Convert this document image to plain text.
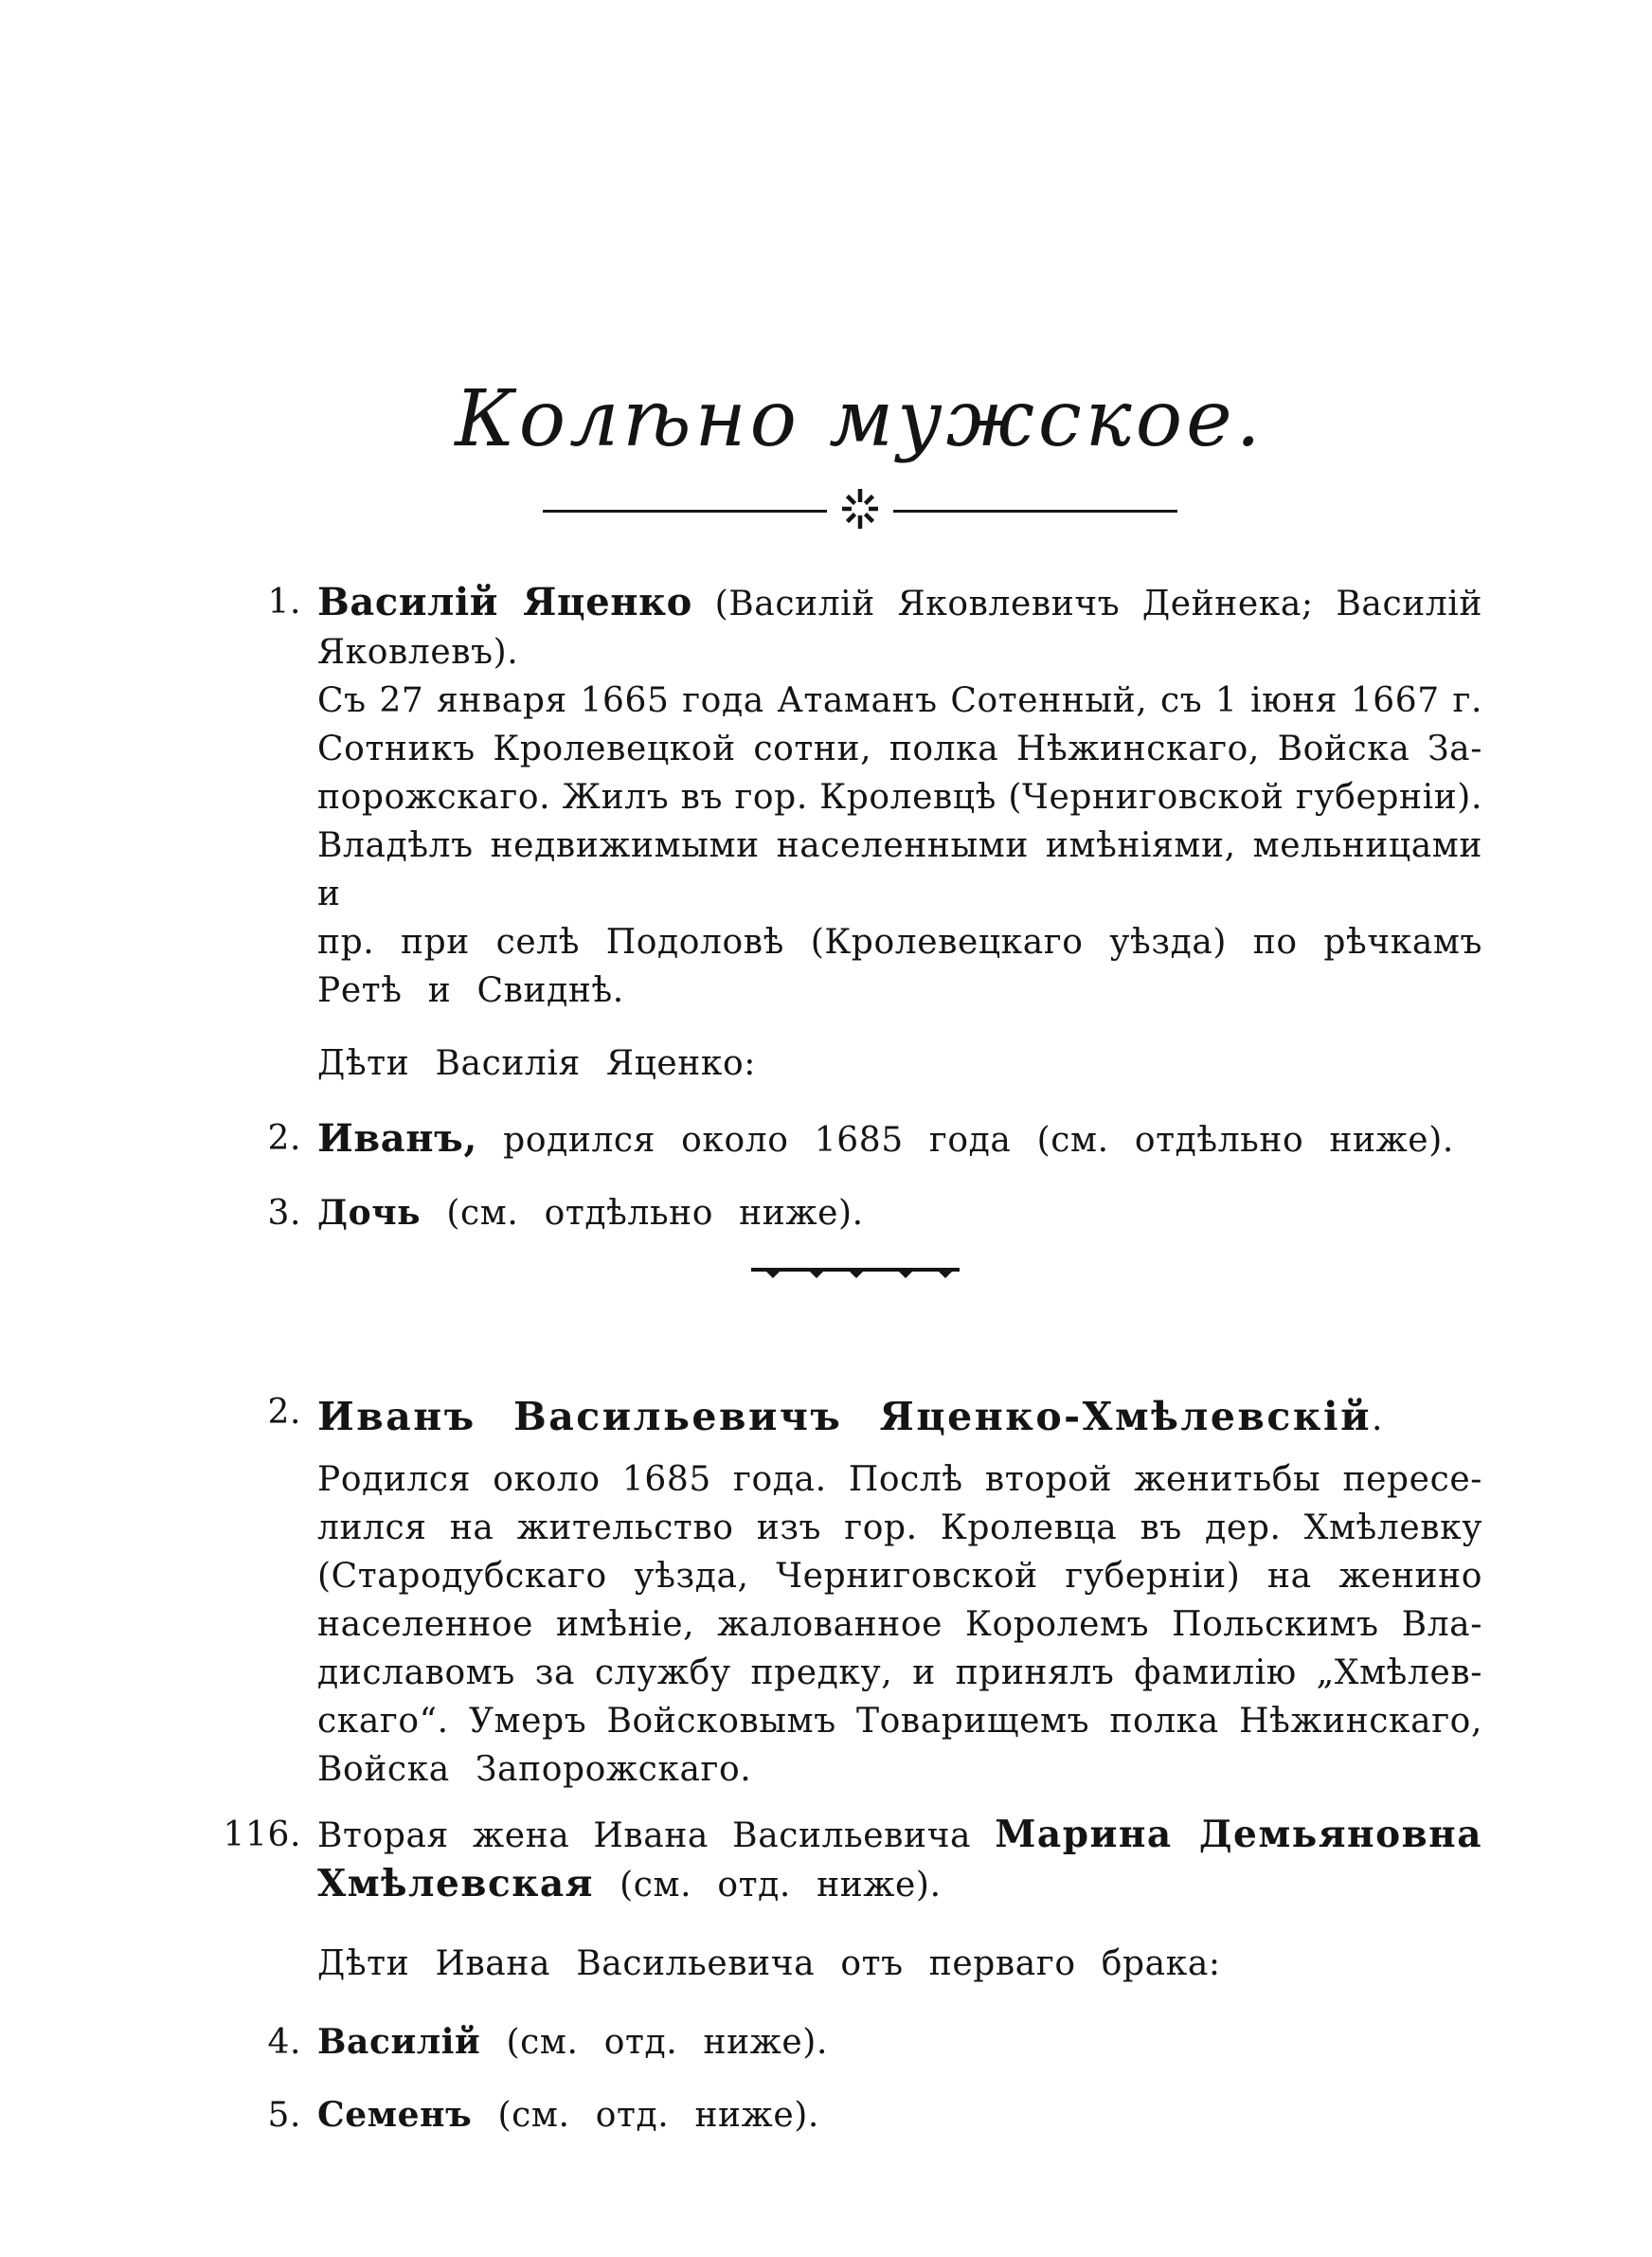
Колѣно мужское.
1. Василій Яценко (Василій Яковлевичъ Дейнека; Василій
Яковлевъ).
Съ 27 января 1665 года Атаманъ Сотенный, съ 1 іюня 1667 г.
Сотникъ Кролевецкой сотни, полка Нѣжинскаго, Войска За-
порожскаго. Жилъ въ гор. Кролевцѣ (Черниговской губерніи).
Владѣлъ недвижимыми населенными имѣніями, мельницами и
пр. при селѣ Подоловѣ (Кролевецкаго уѣзда) по рѣчкамъ
Ретѣ и Свиднѣ.
Дѣти Василія Яценко:
2. Иванъ, родился около 1685 года (см. отдѣльно ниже).
3. Дочь (см. отдѣльно ниже).
2. Иванъ Васильевичъ Яценко-Хмѣлевскій.
Родился около 1685 года. Послѣ второй женитьбы пересе-
лился на жительство изъ гор. Кролевца въ дер. Хмѣлевку
(Стародубскаго уѣзда, Черниговской губерніи) на женино
населенное имѣніе, жалованное Королемъ Польскимъ Вла-
диславомъ за службу предку, и принялъ фамилію „Хмѣлев-
скаго“. Умеръ Войсковымъ Товарищемъ полка Нѣжинскаго,
Войска Запорожскаго.
116. Вторая жена Ивана Васильевича Марина Демьяновна
Хмѣлевская (см. отд. ниже).
Дѣти Ивана Васильевича отъ перваго брака:
4. Василій (см. отд. ниже).
5. Семенъ (см. отд. ниже).
